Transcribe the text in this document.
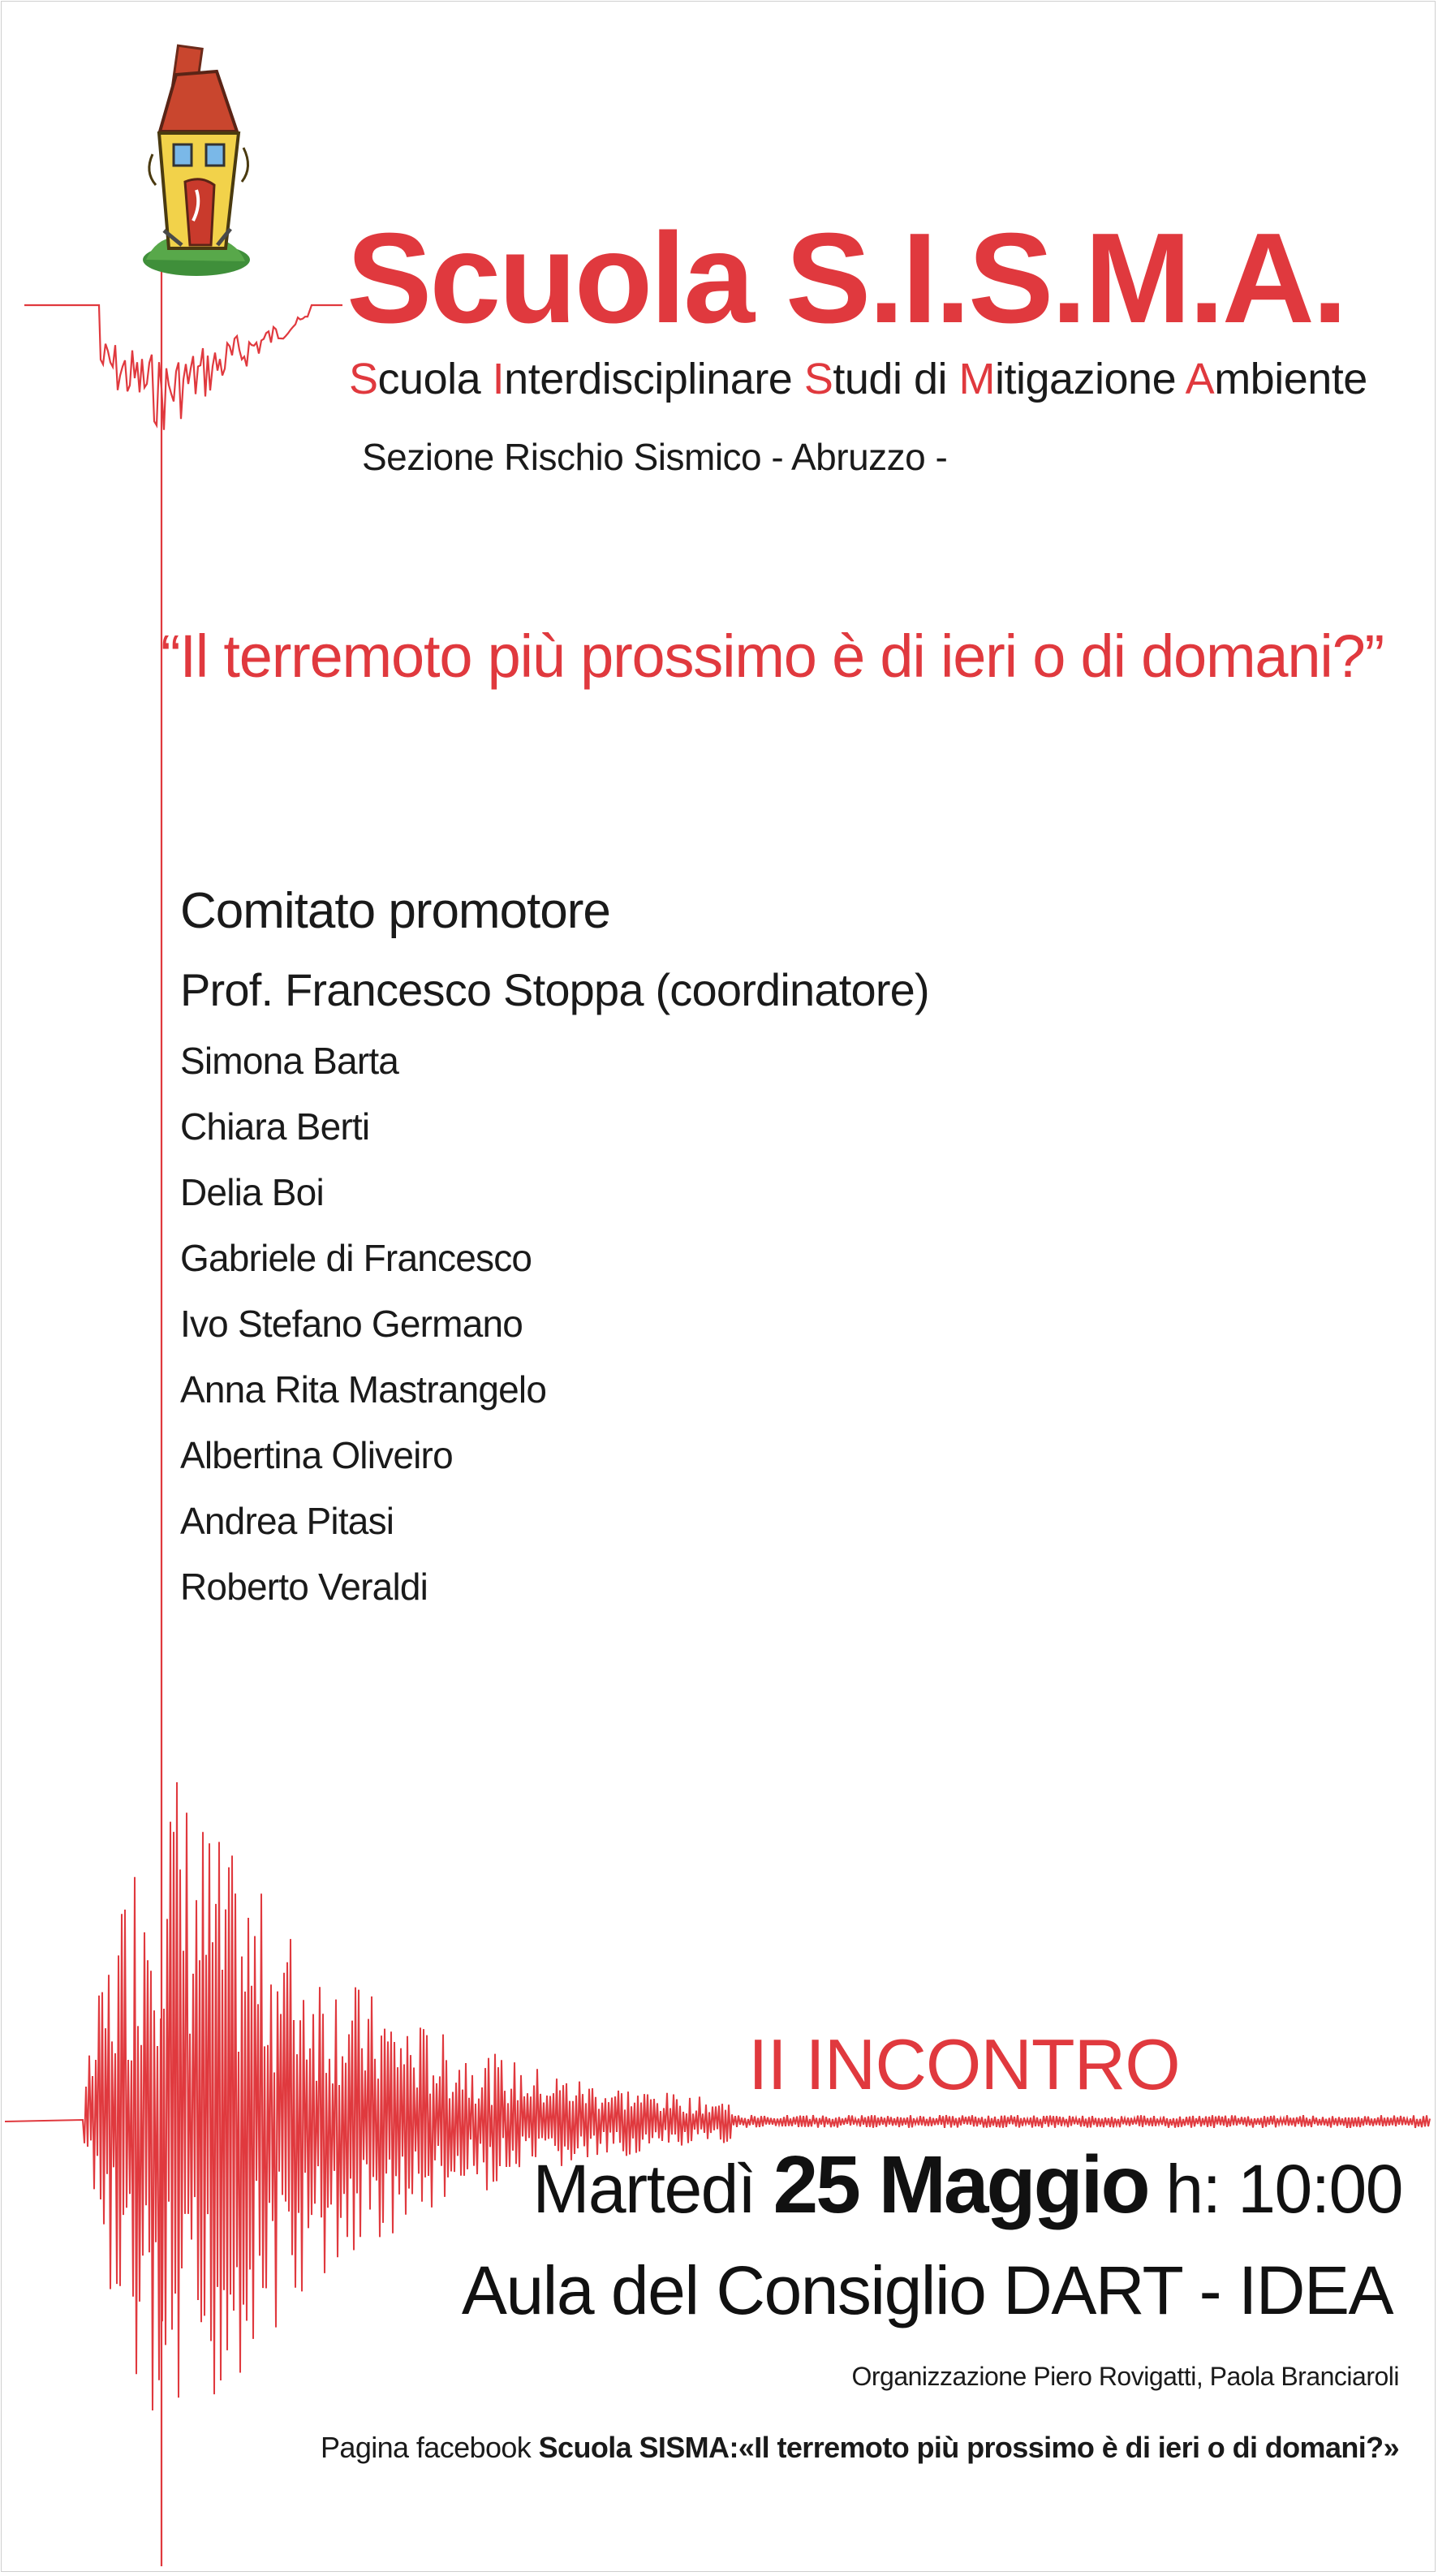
Scuola S.I.S.M.A.
Scuola Interdisciplinare Studi di Mitigazione Ambiente
Sezione Rischio Sismico - Abruzzo -
“Il terremoto più prossimo è di ieri o di domani?”
Comitato promotore
Prof. Francesco Stoppa (coordinatore)
Simona Barta
Chiara Berti
Delia Boi
Gabriele di Francesco
Ivo Stefano Germano
Anna Rita Mastrangelo
Albertina Oliveiro
Andrea Pitasi
Roberto Veraldi
II INCONTRO
Martedì 25 Maggio h: 10:00
Aula del Consiglio DART - IDEA
Organizzazione Piero Rovigatti, Paola Branciaroli
Pagina facebook Scuola SISMA:«Il terremoto più prossimo è di ieri o di domani?»
